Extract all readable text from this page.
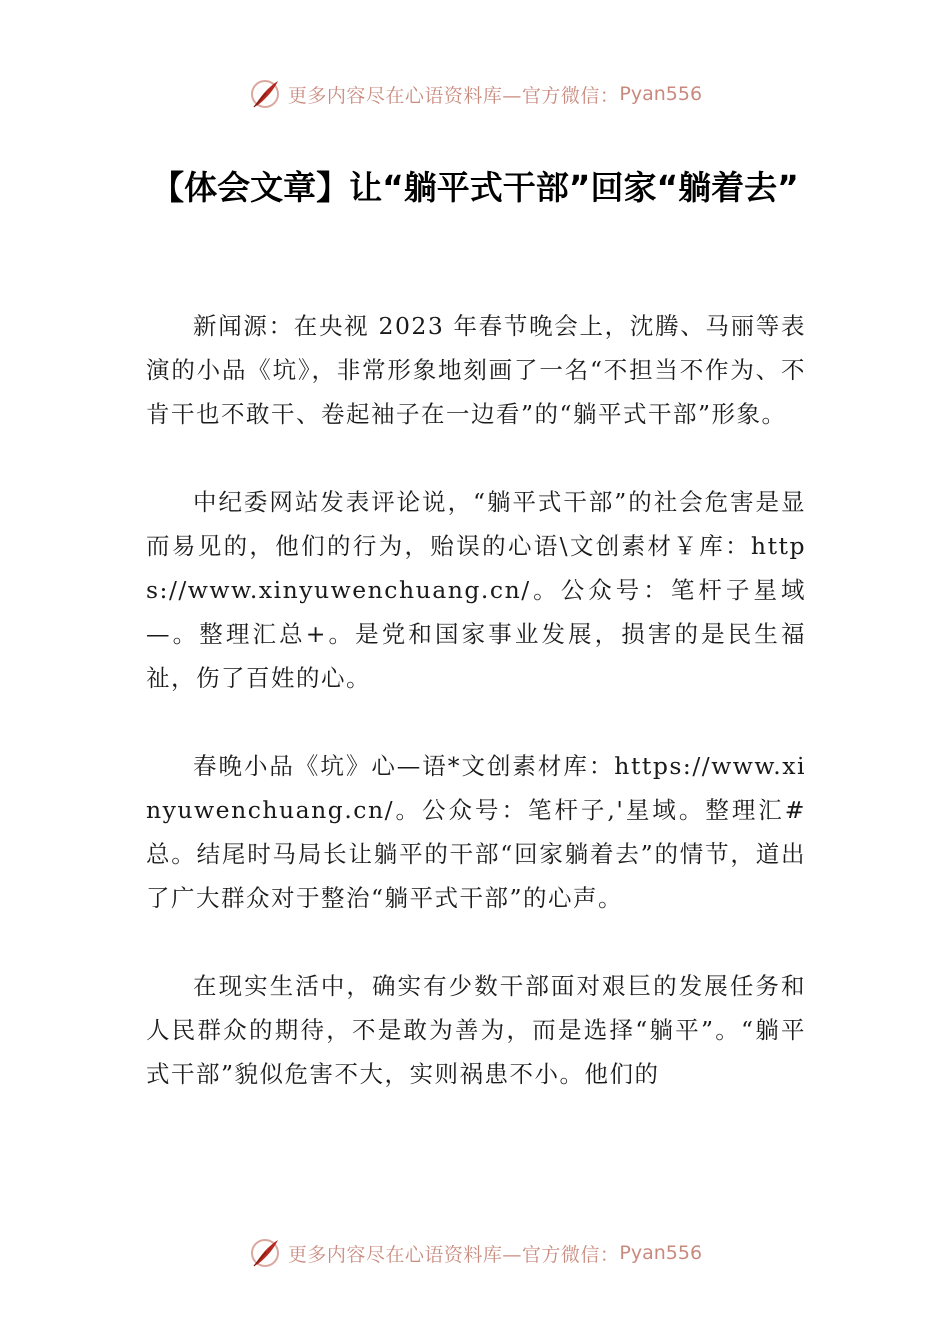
更多内容尽在心语资料库—官方微信： Pyan556
【体会文章】让“躺平式干部”回家“躺着去”

新闻源：在央视 2023 年春节晚会上，沈腾、马丽等表演的小品《坑》，非常形象地刻画了一名“不担当不作为、不肯干也不敢干、卷起袖子在一边看”的“躺平式干部”形象。

中纪委网站发表评论说，“躺平式干部”的社会危害是显而易见的，他们的行为，贻误的心语\文创素材￥库：https://www.xinyuwenchuang.cn/。公众号：笔杆子星域—。整理汇总+。是党和国家事业发展，损害的是民生福祉，伤了百姓的心。

春晚小品《坑》心—语*文创素材库：https://www.xinyuwenchuang.cn/。公众号：笔杆子,'星域。整理汇#总。结尾时马局长让躺平的干部“回家躺着去”的情节，道出了广大群众对于整治“躺平式干部”的心声。

在现实生活中，确实有少数干部面对艰巨的发展任务和人民群众的期待，不是敢为善为，而是选择“躺平”。“躺平式干部”貌似危害不大，实则祸患不小。他们的

更多内容尽在心语资料库—官方微信： Pyan556
